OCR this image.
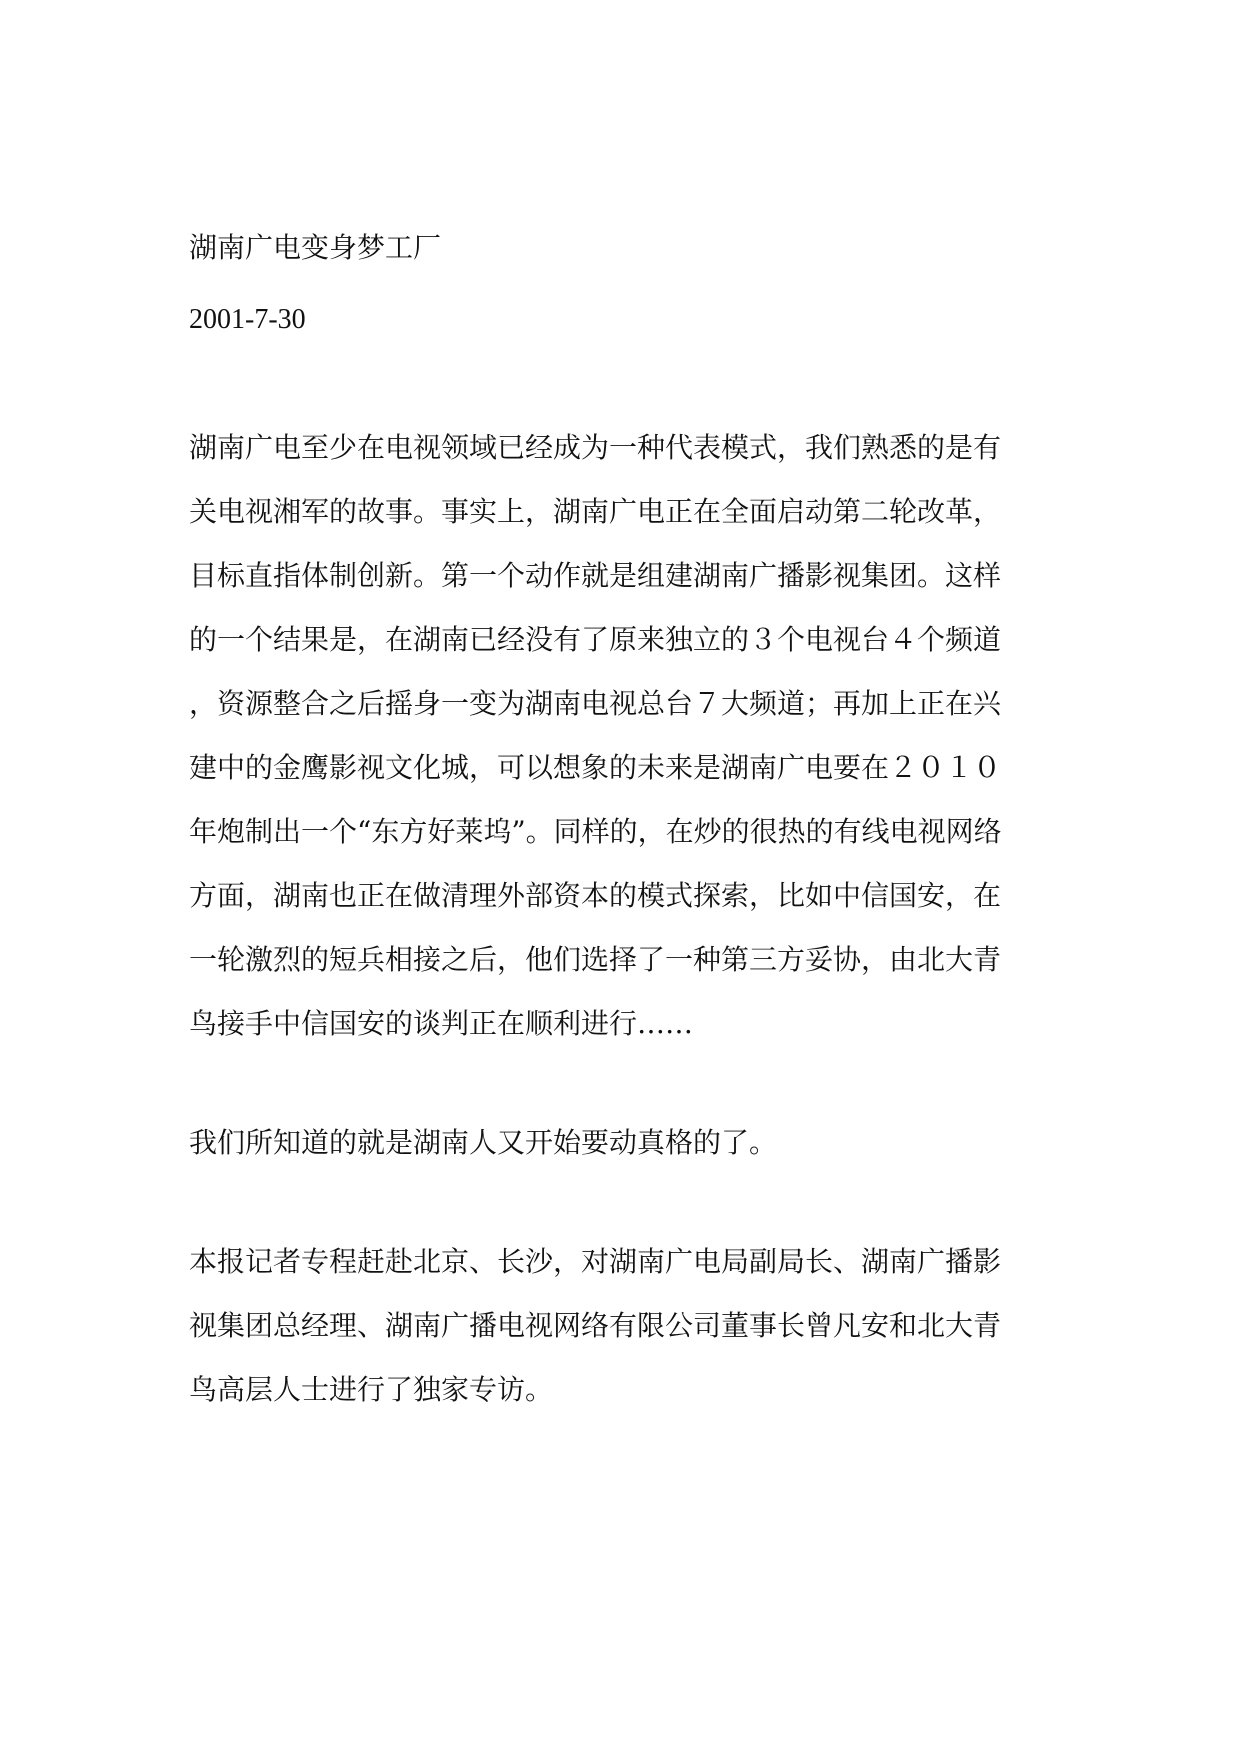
湖南广电变身梦工厂

2001-7-30

湖南广电至少在电视领域已经成为一种代表模式，我们熟悉的是有
关电视湘军的故事。事实上，湖南广电正在全面启动第二轮改革，
目标直指体制创新。第一个动作就是组建湖南广播影视集团。这样
的一个结果是，在湖南已经没有了原来独立的３个电视台４个频道
，资源整合之后摇身一变为湖南电视总台７大频道；再加上正在兴
建中的金鹰影视文化城，可以想象的未来是湖南广电要在２０１０
年炮制出一个“东方好莱坞”。同样的，在炒的很热的有线电视网络
方面，湖南也正在做清理外部资本的模式探索，比如中信国安，在
一轮激烈的短兵相接之后，他们选择了一种第三方妥协，由北大青
鸟接手中信国安的谈判正在顺利进行……
我们所知道的就是湖南人又开始要动真格的了。
本报记者专程赶赴北京、长沙，对湖南广电局副局长、湖南广播影
视集团总经理、湖南广播电视网络有限公司董事长曾凡安和北大青
鸟高层人士进行了独家专访。
